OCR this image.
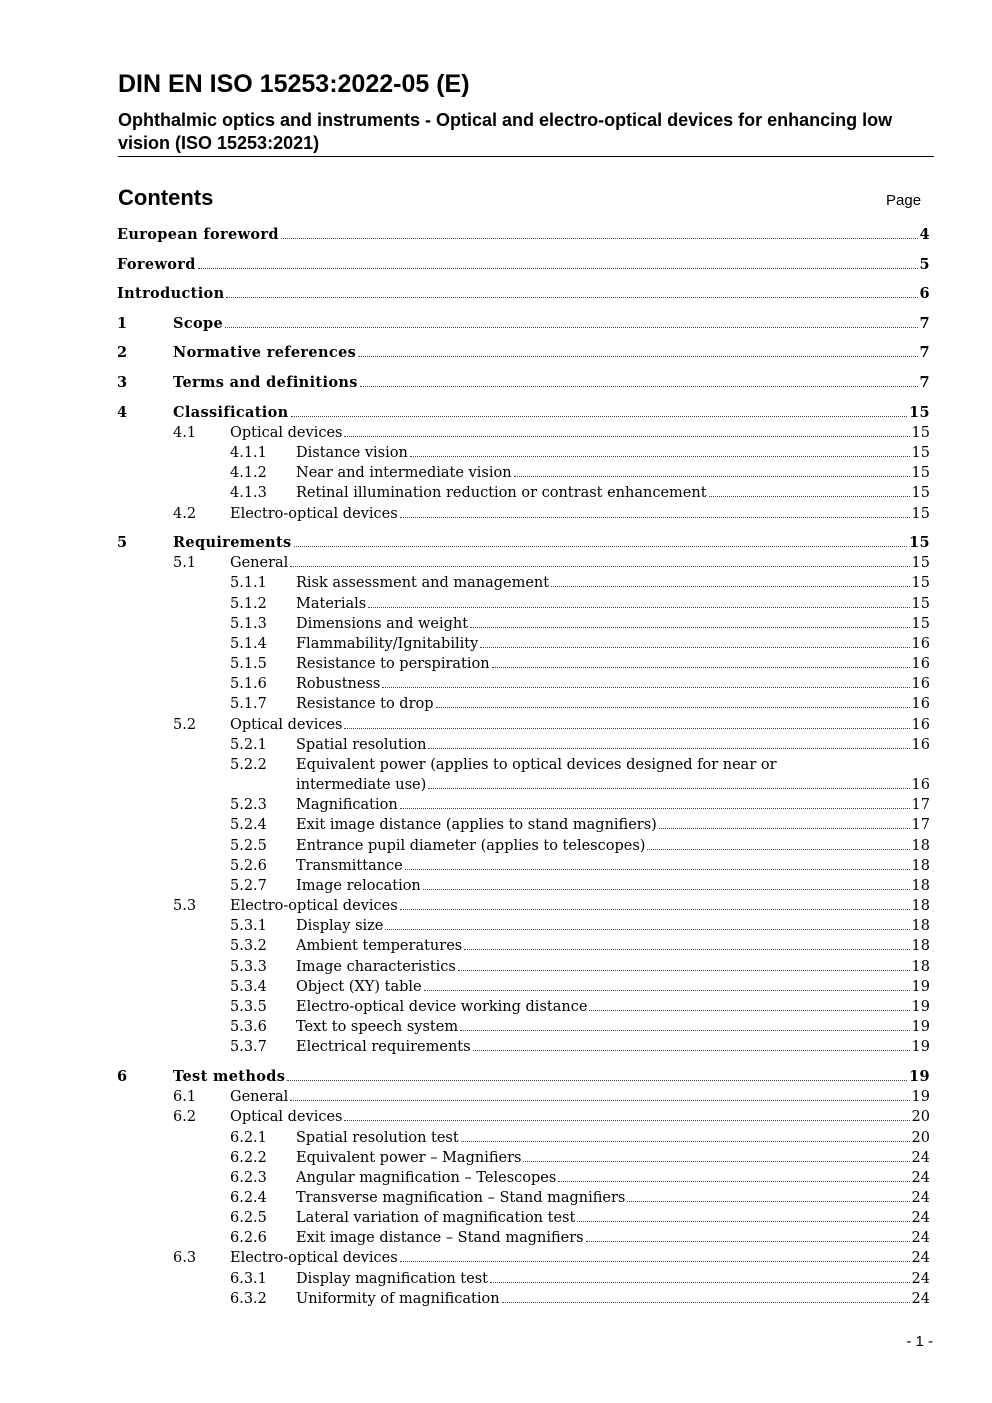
DIN EN ISO 15253:2022-05 (E)
Ophthalmic optics and instruments - Optical and electro-optical devices for enhancing low vision (ISO 15253:2021)
Contents	Page
European foreword	4
Foreword	5
Introduction	6
1	Scope	7
2	Normative references	7
3	Terms and definitions	7
4	Classification	15
4.1	Optical devices	15
4.1.1	Distance vision	15
4.1.2	Near and intermediate vision	15
4.1.3	Retinal illumination reduction or contrast enhancement	15
4.2	Electro-optical devices	15
5	Requirements	15
5.1	General	15
5.1.1	Risk assessment and management	15
5.1.2	Materials	15
5.1.3	Dimensions and weight	15
5.1.4	Flammability/Ignitability	16
5.1.5	Resistance to perspiration	16
5.1.6	Robustness	16
5.1.7	Resistance to drop	16
5.2	Optical devices	16
5.2.1	Spatial resolution	16
5.2.2 Equivalent power (applies to optical devices designed for near or
intermediate use)	16
5.2.3	Magnification	17
5.2.4	Exit image distance (applies to stand magnifiers)	17
5.2.5	Entrance pupil diameter (applies to telescopes)	18
5.2.6	Transmittance	18
5.2.7	Image relocation	18
5.3	Electro-optical devices	18
5.3.1	Display size	18
5.3.2	Ambient temperatures	18
5.3.3	Image characteristics	18
5.3.4	Object (XY) table	19
5.3.5	Electro-optical device working distance	19
5.3.6	Text to speech system	19
5.3.7	Electrical requirements	19
6	Test methods	19
6.1	General	19
6.2	Optical devices	20
6.2.1	Spatial resolution test	20
6.2.2	Equivalent power – Magnifiers	24
6.2.3	Angular magnification – Telescopes	24
6.2.4	Transverse magnification – Stand magnifiers	24
6.2.5	Lateral variation of magnification test	24
6.2.6	Exit image distance – Stand magnifiers	24
6.3	Electro-optical devices	24
6.3.1	Display magnification test	24
6.3.2	Uniformity of magnification	24
- 1 -
